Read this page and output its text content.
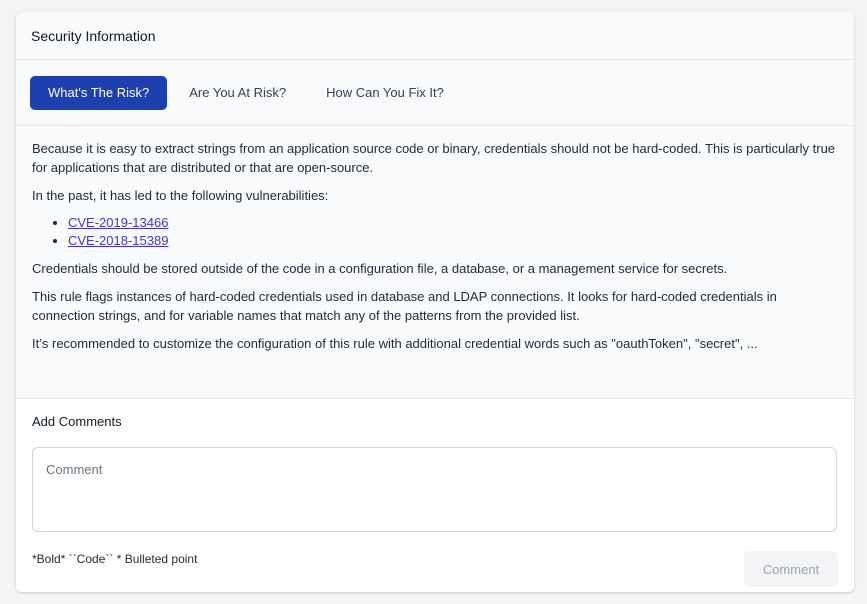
Security Information
What's The Risk?	Are You At Risk?	How Can You Fix It?

Because it is easy to extract strings from an application source code or binary, credentials should not be hard-coded. This is particularly true for applications that are distributed or that are open-source.

In the past, it has led to the following vulnerabilities:

• CVE-2019-13466
• CVE-2018-15389

Credentials should be stored outside of the code in a configuration file, a database, or a management service for secrets.

This rule flags instances of hard-coded credentials used in database and LDAP connections. It looks for hard-coded credentials in connection strings, and for variable names that match any of the patterns from the provided list.

It’s recommended to customize the configuration of this rule with additional credential words such as "oauthToken", "secret", ...

Add Comments
Comment
*Bold* ``Code`` * Bulleted point
Comment
